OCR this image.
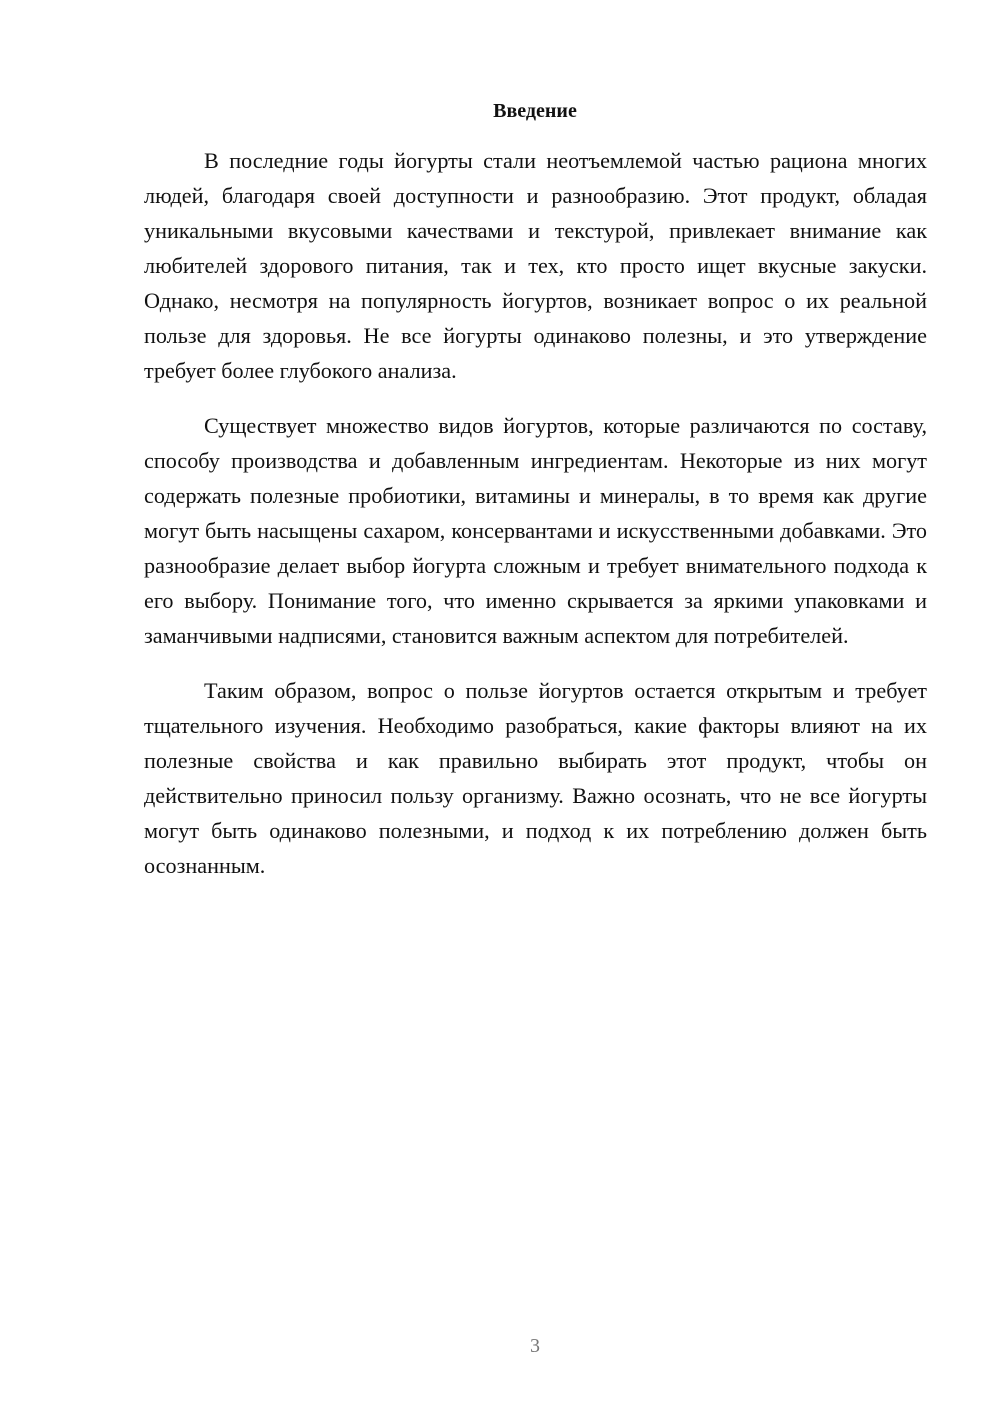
Введение

В последние годы йогурты стали неотъемлемой частью рациона многих людей, благодаря своей доступности и разнообразию. Этот продукт, обладая уникальными вкусовыми качествами и текстурой, привлекает внимание как любителей здорового питания, так и тех, кто просто ищет вкусные закуски. Однако, несмотря на популярность йогуртов, возникает вопрос о их реальной пользе для здоровья. Не все йогурты одинаково полезны, и это утверждение требует более глубокого анализа.

Существует множество видов йогуртов, которые различаются по составу, способу производства и добавленным ингредиентам. Некоторые из них могут содержать полезные пробиотики, витамины и минералы, в то время как другие могут быть насыщены сахаром, консервантами и искусственными добавками. Это разнообразие делает выбор йогурта сложным и требует внимательного подхода к его выбору. Понимание того, что именно скрывается за яркими упаковками и заманчивыми надписями, становится важным аспектом для потребителей.

Таким образом, вопрос о пользе йогуртов остается открытым и требует тщательного изучения. Необходимо разобраться, какие факторы влияют на их полезные свойства и как правильно выбирать этот продукт, чтобы он действительно приносил пользу организму. Важно осознать, что не все йогурты могут быть одинаково полезными, и подход к их потреблению должен быть осознанным.

3
